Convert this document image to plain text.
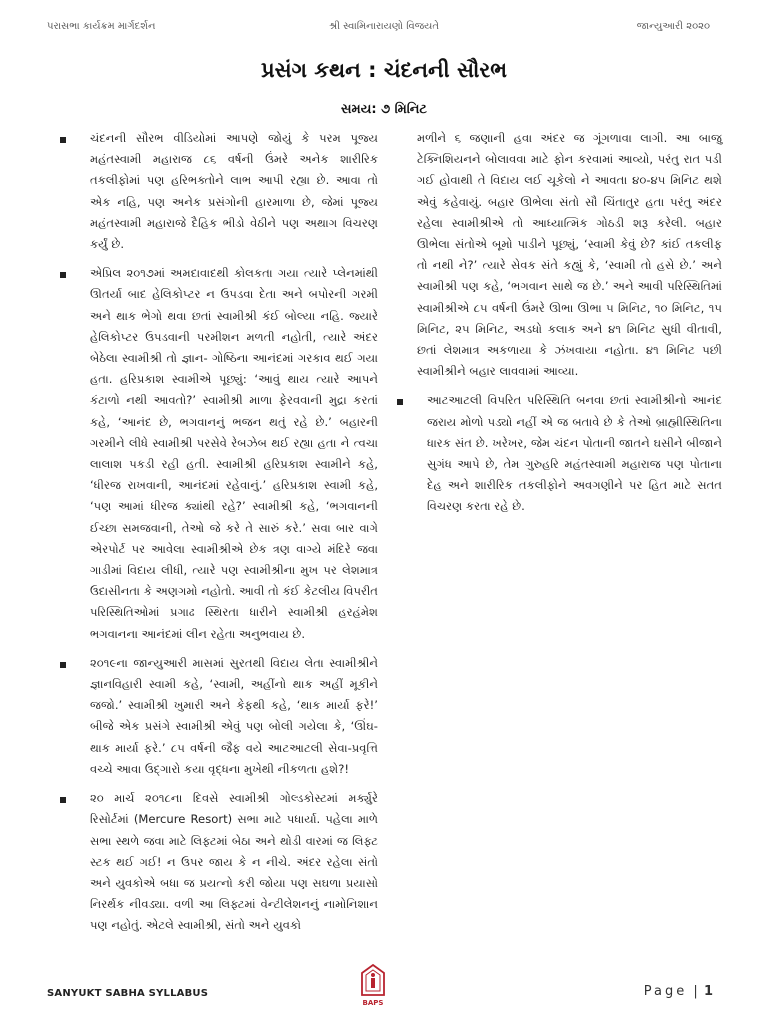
પરાસભા કાર્યક્રમ માર્ગદર્શન	શ્રી સ્વામિનારાયણો વિજયતે	જાન્યુઆરી ૨૦૨૦
પ્રસંગ કથન : ચંદનની સૌરભ
સમય: ૭ મિનિટ
ચંદનની સૌરભ વીડિયોમાં આપણે જોયું કે પરમ પૂજ્ય મહંતસ્વામી મહારાજ ૮૬ વર્ષની ઉંમરે અનેક શારીરિક તકલીફોમાં પણ હરિભક્તોને લાભ આપી રહ્યા છે. આવા તો એક નહિ, પણ અનેક પ્રસંગોની હારમાળા છે, જેમાં પૂજ્ય મહંતસ્વામી મહારાજે દૈહિક ભીડો વેઠીને પણ અથાગ વિચરણ કર્યું છે.
એપ્રિલ ૨૦૧૭માં અમદાવાદથી કોલકતા ગયા ત્યારે પ્લેનમાંથી ઊતર્યા બાદ હેલિકોપ્ટર ન ઉપડવા દેતા અને બપોરની ગરમી અને થાક ભેગો થવા છતાં સ્વામીશ્રી કંઈ બોલ્યા નહિ. જ્યારે હેલિકોપ્ટર ઉપડવાની પરમીશન મળતી નહોતી, ત્યારે અંદર બેઠેલા સ્વામીશ્રી તો જ્ઞાન- ગોષ્ઠિના આનંદમાં ગરકાવ થઈ ગયા હતા. હરિપ્રકાશ સ્વામીએ પૂછ્યું: ‘આવું થાય ત્યારે આપને કંટાળો નથી આવતો?’ સ્વામીશ્રી માળા ફેરવવાની મુદ્રા કરતાં કહે, ‘આનંદ છે, ભગવાનનું ભજન થતું રહે છે.’ બહારની ગરમીને લીધે સ્વામીશ્રી પરસેવે રેબઝેબ થઈ રહ્યા હતા ને ત્વચા લાલાશ પકડી રહી હતી. સ્વામીશ્રી હરિપ્રકાશ સ્વામીને કહે, ‘ધીરજ રાખવાની, આનંદમાં રહેવાનું.’ હરિપ્રકાશ સ્વામી કહે, ‘પણ આમાં ધીરજ ક્યાંથી રહે?’ સ્વામીશ્રી કહે, ‘ભગવાનની ઈચ્છા સમજવાની, તેઓ જે કરે તે સારું કરે.’ સવા બાર વાગે એરપોર્ટ પર આવેલા સ્વામીશ્રીએ છેક ત્રણ વાગ્યે મંદિરે જવા ગાડીમાં વિદાય લીધી, ત્યારે પણ સ્વામીશ્રીના મુખ પર લેશમાત્ર ઉદાસીનતા કે અણગમો નહોતો. આવી તો કંઈ કેટલીય વિપરીત પરિસ્થિતિઓમાં પ્રગાઢ સ્થિરતા ધારીને સ્વામીશ્રી હરહંમેશ ભગવાનના આનંદમાં લીન રહેતા અનુભવાય છે.
૨૦૧૯ના જાન્યુઆરી માસમાં સુરતથી વિદાય લેતા સ્વામીશ્રીને જ્ઞાનવિહારી સ્વામી કહે, ‘સ્વામી, અહીંનો થાક અહીં મૂકીને જજો.’ સ્વામીશ્રી ખુમારી અને કેફથી કહે, ‘થાક માર્યા ફરે!’ બીજે એક પ્રસંગે સ્વામીશ્રી એવું પણ બોલી ગયેલા કે, ‘ઊંઘ-થાક માર્યા ફરે.’ ૮૫ વર્ષની જૈફ વયે આટઆટલી સેવા-પ્રવૃત્તિ વચ્ચે આવા ઉદ્‍ગારો કયા વૃદ્ધના મુખેથી નીકળતા હશે?!
૨૦ માર્ચ ૨૦૧૮ના દિવસે સ્વામીશ્રી ગોલ્ડકોસ્ટમાં મર્ક્યુરે રિસોર્ટમાં (Mercure Resort) સભા માટે પધાર્યા. પહેલા માળે સભા સ્થળે જવા માટે લિફ્ટમાં બેઠા અને થોડી વારમાં જ લિફ્ટ સ્ટક થઈ ગઈ! ન ઉપર જાય કે ન નીચે. અંદર રહેલા સંતો અને યુવકોએ બધા જ પ્રયત્નો કરી જોયા પણ સઘળા પ્રયાસો નિરર્થક નીવડ્યા. વળી આ લિફ્ટમાં વેન્ટીલેશનનું નામોનિશાન પણ નહોતું. એટલે સ્વામીશ્રી, સંતો અને યુવકો
મળીને ૬ જણાની હવા અંદર જ ગૂંગળાવા લાગી. આ બાજુ ટેક્નિશિયનને બોલાવવા માટે ફોન કરવામાં આવ્યો, પરંતુ રાત પડી ગઈ હોવાથી તે વિદાય લઈ ચૂકેલો ને આવતા ૪૦-૪૫ મિનિટ થશે એવું કહેવાયું. બહાર ઊભેલા સંતો સૌ ચિંતાતુર હતા પરંતુ અંદર રહેલા સ્વામીશ્રીએ તો આધ્યાત્મિક ગોઠડી શરૂ કરેલી. બહાર ઊભેલા સંતોએ બૂમો પાડીને પૂછ્યું, ‘સ્વામી કેવું છે? કાંઈ તકલીફ તો નથી ને?’ ત્યારે સેવક સંતે કહ્યું કે, ‘સ્વામી તો હસે છે.’ અને સ્વામીશ્રી પણ કહે, ‘ભગવાન સાથે જ છે.’ અને આવી પરિસ્થિતિમાં સ્વામીશ્રીએ ૮૫ વર્ષની ઉંમરે ઊભા ઊભા ૫ મિનિટ, ૧૦ મિનિટ, ૧૫ મિનિટ, ૨૫ મિનિટ, અડધો કલાક અને ૪૧ મિનિટ સુધી વીતાવી, છતાં લેશમાત્ર અકળાયા કે ઝંખવાયા નહોતા. ૪૧ મિનિટ પછી સ્વામીશ્રીને બહાર લાવવામાં આવ્યા.
આટઆટલી વિપરિત પરિસ્થિતિ બનવા છતાં સ્વામીશ્રીનો આનંદ જરાય મોળો પડ્યો નહીં એ જ બતાવે છે કે તેઓ બ્રાહ્મીસ્થિતિના ધારક સંત છે. ખરેખર, જેમ ચંદન પોતાની જાતને ઘસીને બીજાને સુગંધ આપે છે, તેમ ગુરુહરિ મહંતસ્વામી મહારાજ પણ પોતાના દેહ અને શારીરિક તકલીફોને અવગણીને પર હિત માટે સતત વિચરણ કરતા રહે છે.
SANYUKT SABHA SYLLABUS
BAPS
Page | 1
